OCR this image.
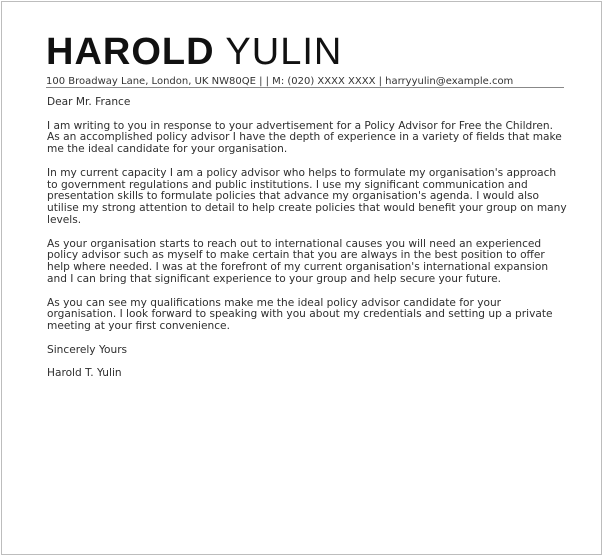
HAROLD YULIN
100 Broadway Lane, London, UK NW80QE | | M: (020) XXXX XXXX | harryyulin@example.com

Dear Mr. France

I am writing to you in response to your advertisement for a Policy Advisor for Free the Children. As an accomplished policy advisor I have the depth of experience in a variety of fields that make me the ideal candidate for your organisation.

In my current capacity I am a policy advisor who helps to formulate my organisation's approach to government regulations and public institutions. I use my significant communication and presentation skills to formulate policies that advance my organisation's agenda. I would also utilise my strong attention to detail to help create policies that would benefit your group on many levels.

As your organisation starts to reach out to international causes you will need an experienced policy advisor such as myself to make certain that you are always in the best position to offer help where needed. I was at the forefront of my current organisation's international expansion and I can bring that significant experience to your group and help secure your future.

As you can see my qualifications make me the ideal policy advisor candidate for your organisation. I look forward to speaking with you about my credentials and setting up a private meeting at your first convenience.

Sincerely Yours

Harold T. Yulin
